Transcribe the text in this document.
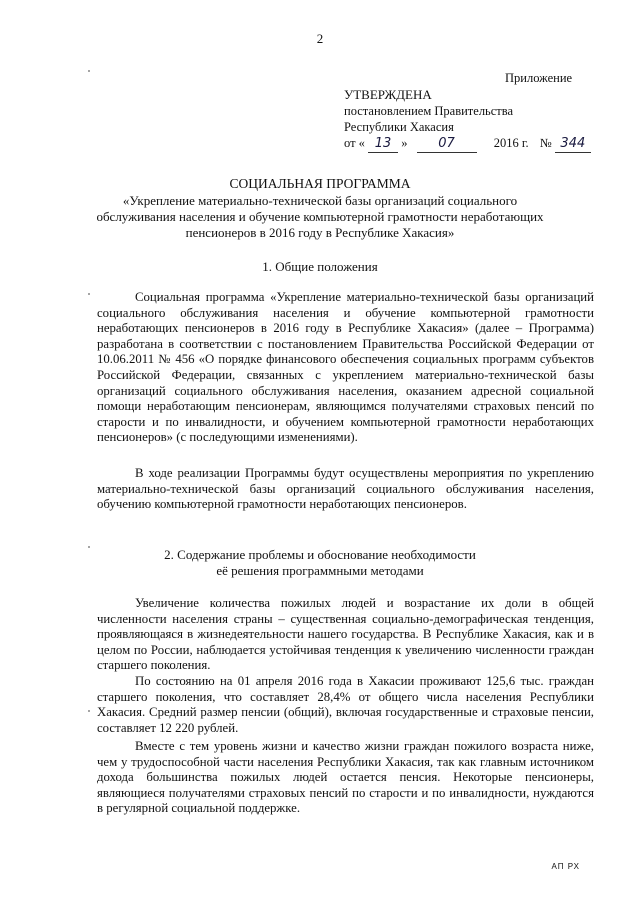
2
Приложение
УТВЕРЖДЕНА
постановлением Правительства
Республики Хакасия
от « 13 » 07	2016 г. № 344
СОЦИАЛЬНАЯ ПРОГРАММА
«Укрепление материально-технической базы организаций социального
обслуживания населения и обучение компьютерной грамотности неработающих
пенсионеров в 2016 году в Республике Хакасия»
1. Общие положения
Социальная программа «Укрепление материально-технической базы организаций социального обслуживания населения и обучение компьютерной грамотности неработающих пенсионеров в 2016 году в Республике Хакасия» (далее – Программа) разработана в соответствии с постановлением Правительства Российской Федерации от 10.06.2011 № 456 «О порядке финансового обеспечения социальных программ субъектов Российской Федерации, связанных с укреплением материально-технической базы организаций социального обслуживания населения, оказанием адресной социальной помощи неработающим пенсионерам, являющимся получателями страховых пенсий по старости и по инвалидности, и обучением компьютерной грамотности неработающих пенсионеров» (с последующими изменениями).
В ходе реализации Программы будут осуществлены мероприятия по укреплению материально-технической базы организаций социального обслуживания населения, обучению компьютерной грамотности неработающих пенсионеров.
2. Содержание проблемы и обоснование необходимости
её решения программными методами
Увеличение количества пожилых людей и возрастание их доли в общей численности населения страны – существенная социально-демографическая тенденция, проявляющаяся в жизнедеятельности нашего государства. В Республике Хакасия, как и в целом по России, наблюдается устойчивая тенденция к увеличению численности граждан старшего поколения.
По состоянию на 01 апреля 2016 года в Хакасии проживают 125,6 тыс. граждан старшего поколения, что составляет 28,4% от общего числа населения Республики Хакасия. Средний размер пенсии (общий), включая государственные и страховые пенсии, составляет 12 220 рублей.
Вместе с тем уровень жизни и качество жизни граждан пожилого возраста ниже, чем у трудоспособной части населения Республики Хакасия, так как главным источником дохода большинства пожилых людей остается пенсия. Некоторые пенсионеры, являющиеся получателями страховых пенсий по старости и по инвалидности, нуждаются в регулярной социальной поддержке.
АП РХ
